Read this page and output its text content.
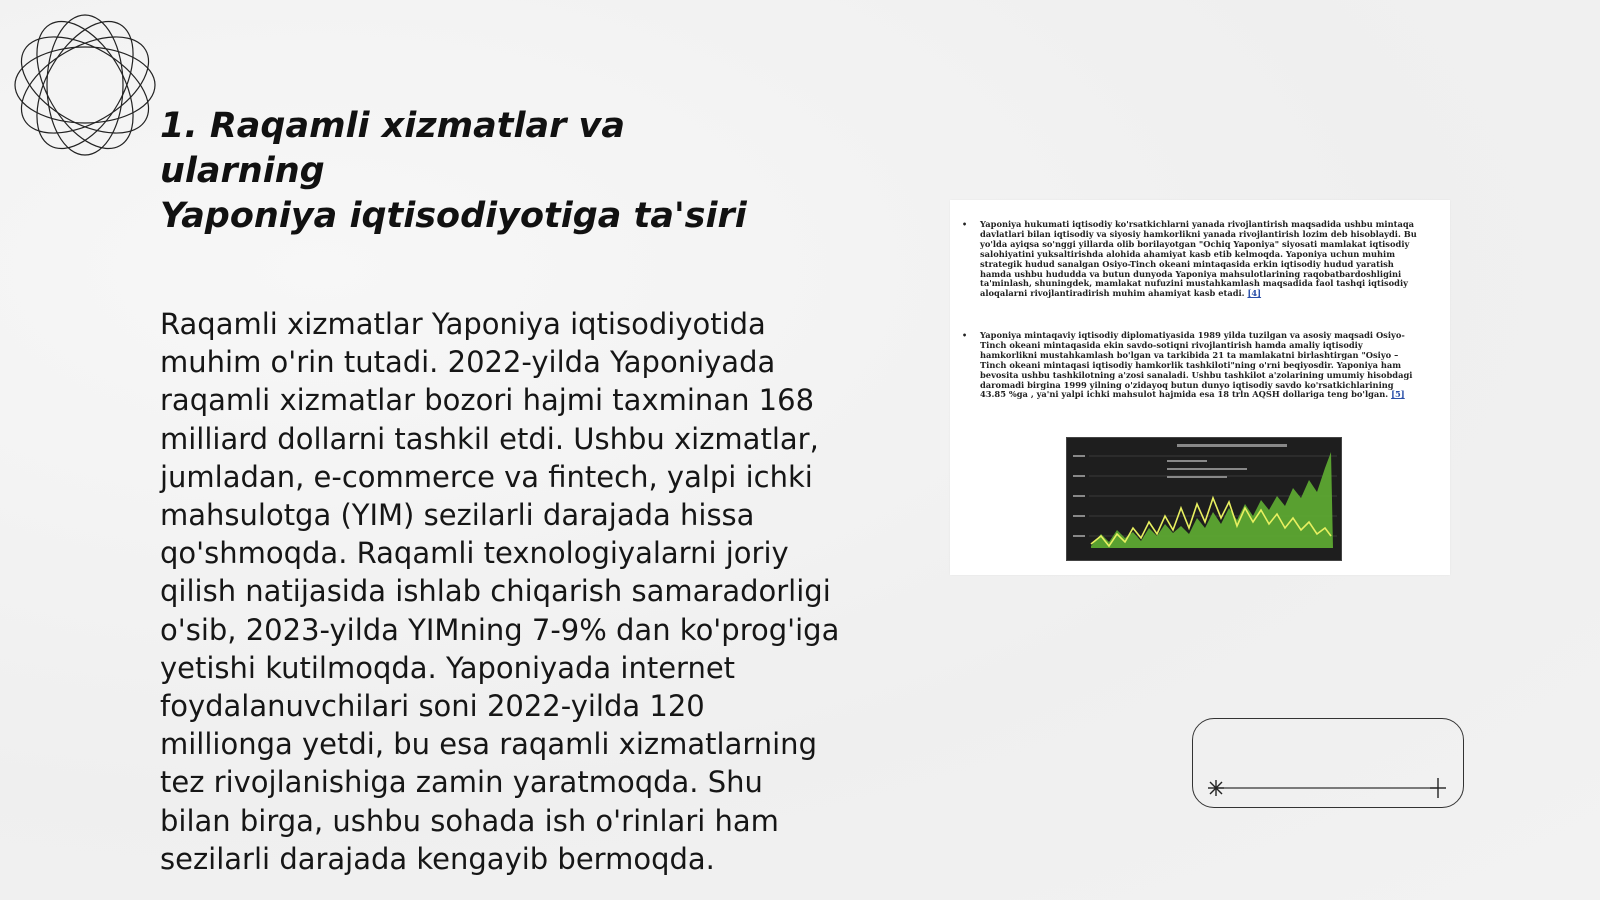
1. Raqamli xizmatlar va ularning
Yaponiya iqtisodiyotiga ta'siri

Raqamli xizmatlar Yaponiya iqtisodiyotida muhim o'rin tutadi. 2022-yilda Yaponiyada raqamli xizmatlar bozori hajmi taxminan 168 milliard dollarni tashkil etdi. Ushbu xizmatlar, jumladan, e-commerce va fintech, yalpi ichki mahsulotga (YIM) sezilarli darajada hissa qo'shmoqda. Raqamli texnologiyalarni joriy qilish natijasida ishlab chiqarish samaradorligi o'sib, 2023-yilda YIMning 7-9% dan ko'prog'iga yetishi kutilmoqda. Yaponiyada internet foydalanuvchilari soni 2022-yilda 120 millionga yetdi, bu esa raqamli xizmatlarning tez rivojlanishiga zamin yaratmoqda. Shu bilan birga, ushbu sohada ish o'rinlari ham sezilarli darajada kengayib bermoqda.

• Yaponiya hukumati iqtisodiy ko'rsatkichlarni yanada rivojlantirish maqsadida ushbu mintaqa davlatlari bilan iqtisodiy va siyosiy hamkorlikni yanada rivojlantirish lozim deb hisoblaydi. Bu yo'lda ayiqsa so'nggi yillarda olib borilayotgan "Ochiq Yaponiya" siyosati mamlakat iqtisodiy salohiyatini yuksaltirishda alohida ahamiyat kasb etib kelmoqda. Yaponiya uchun muhim strategik hudud sanalgan Osiyo-Tinch okeani mintaqasida erkin iqtisodiy hudud yaratish hamda ushbu hududda va butun dunyoda Yaponiya mahsulotlarining raqobatbardoshligini ta'minlash, shuningdek, mamlakat nufuzini mustahkamlash maqsadida faol tashqi iqtisodiy aloqalarni rivojlantiradirish muhim ahamiyat kasb etadi. [4]
• Yaponiya mintaqaviy iqtisodiy diplomatiyasida 1989 yilda tuzilgan va asosiy maqsadi Osiyo- Tinch okeani mintaqasida ekin savdo-sotiqni rivojlantirish hamda amaliy iqtisodiy hamkorlikni mustahkamlash bo'lgan va tarkibida 21 ta mamlakatni birlashtirgan "Osiyo – Tinch okeani mintaqasi iqtisodiy hamkorlik tashkiloti"ning o'rni beqiyosdir. Yaponiya ham bevosita ushbu tashkilotning a'zosi sanaladi. Ushbu tashkilot a'zolarining umumiy hisobdagi daromadi birgina 1999 yilning o'zidayoq butun dunyo iqtisodiy savdo ko'rsatkichlarining 43.85 %ga , ya'ni yalpi ichki mahsulot hajmida esa 18 trln AQSH dollariga teng bo'lgan. [5]
